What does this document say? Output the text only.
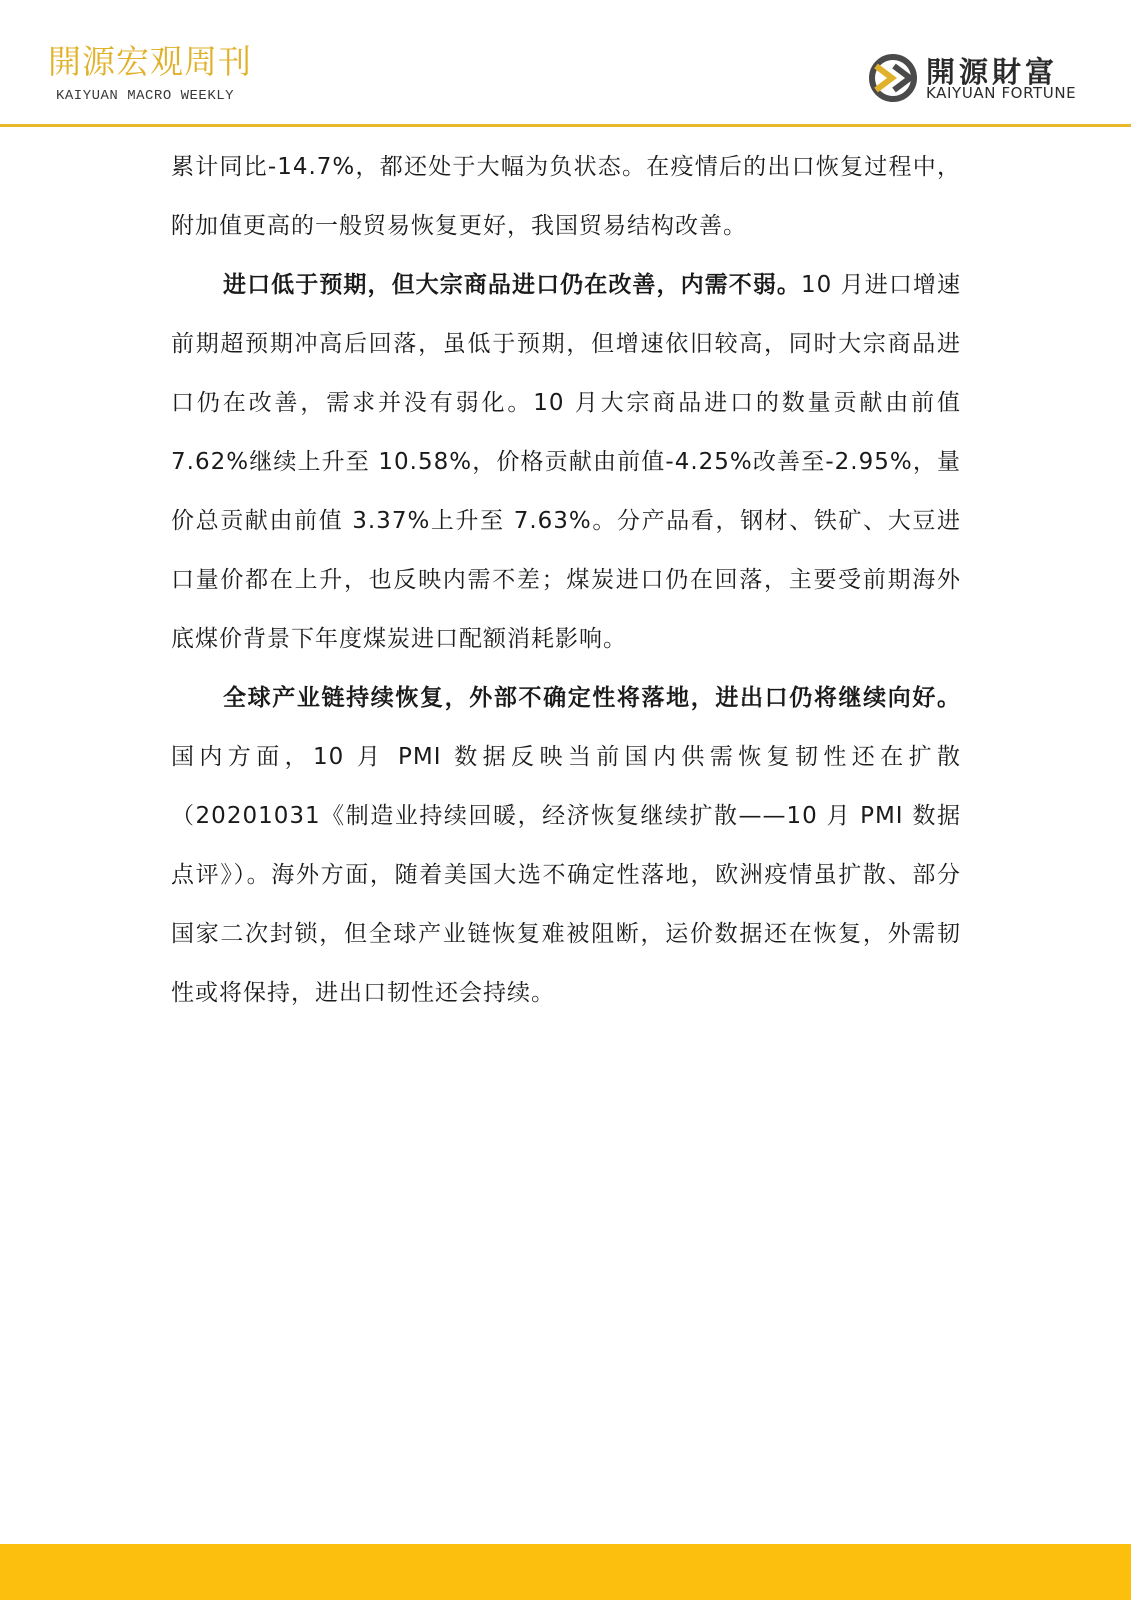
開源宏观周刊
KAIYUAN MACRO WEEKLY
開源財富
KAIYUAN FORTUNE

累计同比-14.7%，都还处于大幅为负状态。在疫情后的出口恢复过程中，附加值更高的一般贸易恢复更好，我国贸易结构改善。

进口低于预期，但大宗商品进口仍在改善，内需不弱。10 月进口增速前期超预期冲高后回落，虽低于预期，但增速依旧较高，同时大宗商品进口仍在改善，需求并没有弱化。10 月大宗商品进口的数量贡献由前值 7.62%继续上升至 10.58%，价格贡献由前值-4.25%改善至-2.95%，量价总贡献由前值 3.37%上升至 7.63%。分产品看，钢材、铁矿、大豆进口量价都在上升，也反映内需不差；煤炭进口仍在回落，主要受前期海外底煤价背景下年度煤炭进口配额消耗影响。

全球产业链持续恢复，外部不确定性将落地，进出口仍将继续向好。国内方面，10 月 PMI 数据反映当前国内供需恢复韧性还在扩散（20201031《制造业持续回暖，经济恢复继续扩散——10 月 PMI 数据点评》）。海外方面，随着美国大选不确定性落地，欧洲疫情虽扩散、部分国家二次封锁，但全球产业链恢复难被阻断，运价数据还在恢复，外需韧性或将保持，进出口韧性还会持续。
